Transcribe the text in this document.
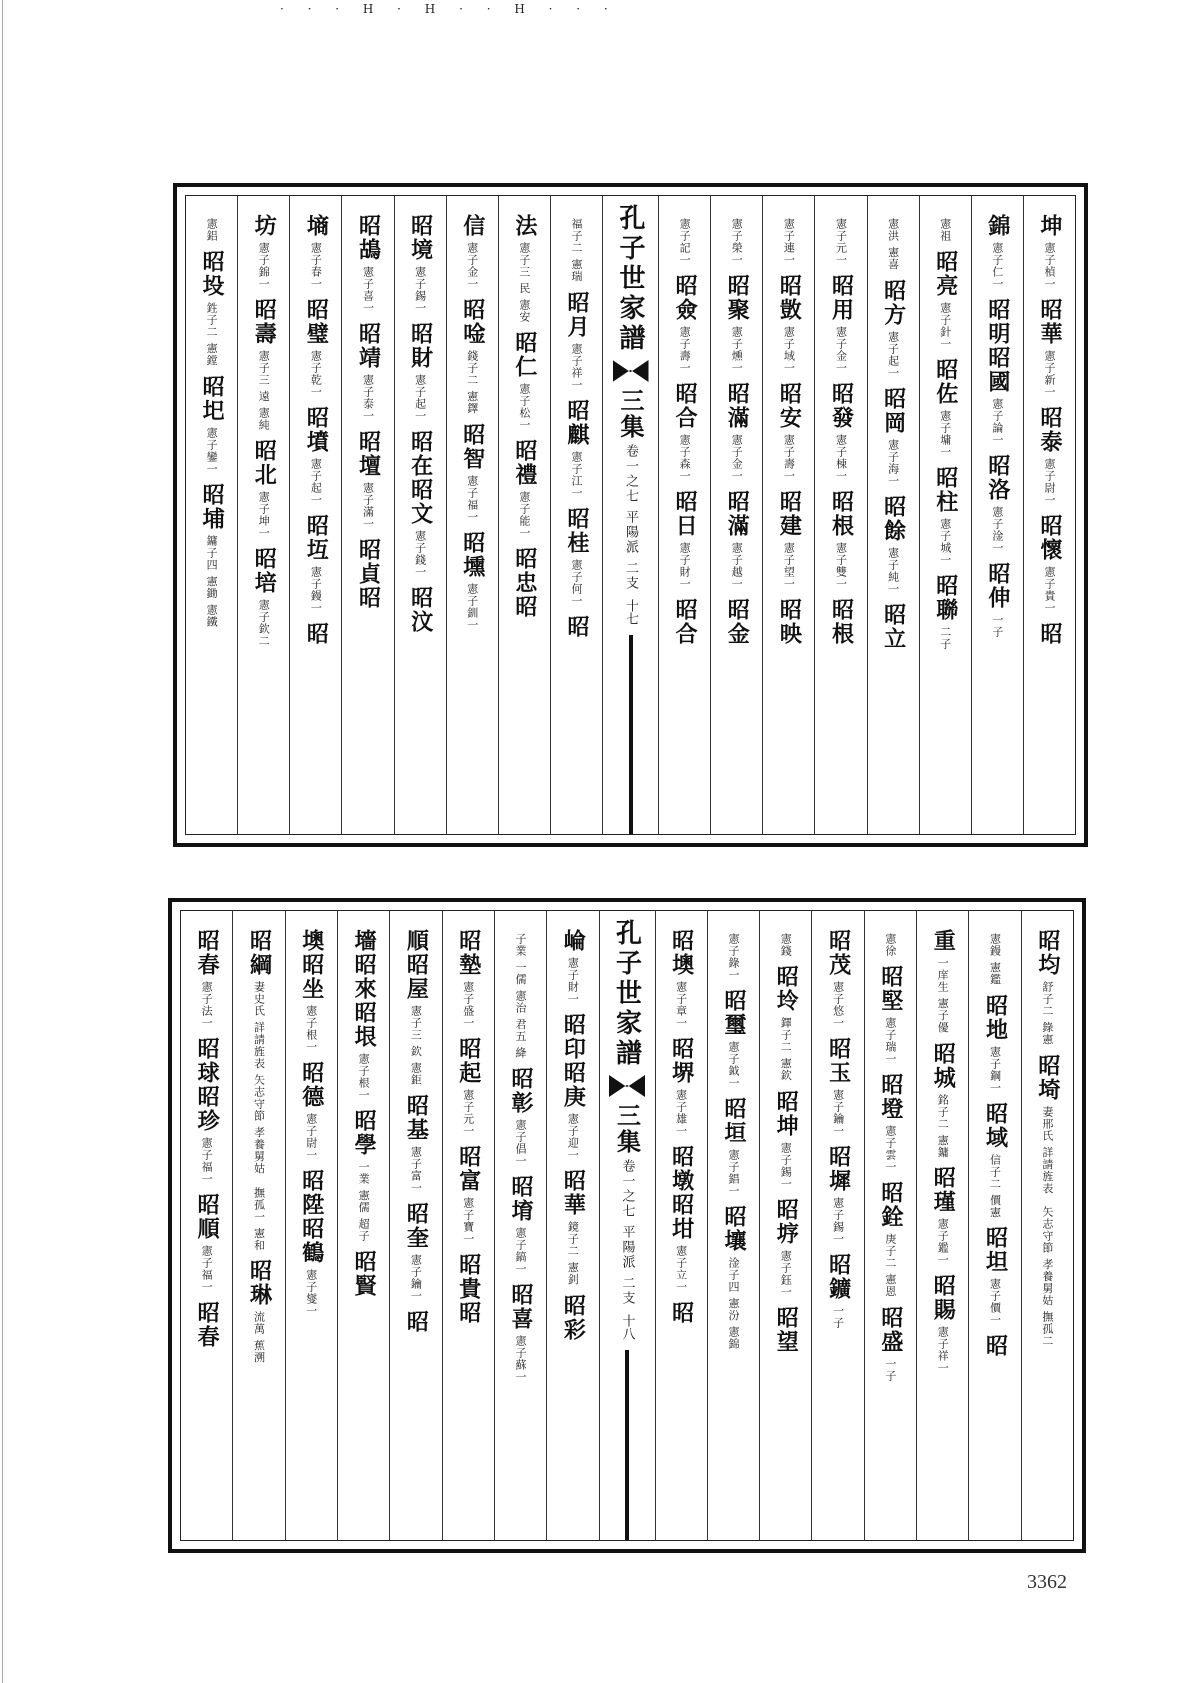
· · · H · H · · H · · ·
坤
憲子楨一
昭華
憲子新一
昭泰
憲子尉一
昭懷
憲子貴一
昭
錦
憲子仁一
昭明
昭國
憲子論一
昭洛
憲子淦一
昭伸
一子
憲祖
昭亮
憲子針一
昭佐
憲子墉一
昭柱
憲子城一
昭聯
二子
憲洪 憲喜
昭方
憲子起一
昭岡
憲子海一
昭餘
憲子純一
昭立
憲子元一
昭用
憲子金一
昭發
憲子棟一
昭根
憲子雙一
昭根
憲子連一
昭敳
憲子域一
昭安
憲子壽一
昭建
憲子望一
昭映
憲子榮一
昭聚
憲子燻一
昭滿
憲子金一
昭滿
憲子越一
昭金
憲子記一
昭僉
憲子壽一
昭合
憲子森一
昭日
憲子財一
昭合
孔子世家譜
三集
卷一之七 平陽派 二支
十七
福子二 憲瑞
昭月
憲子祥一
昭麒
憲子江一
昭桂
憲子何一
昭
法
憲子三 民 憲安
昭仁
憲子松一
昭禮
憲子能一
昭忠
昭
信
憲子金一
昭唫
錢子二 憲鐸
昭智
憲子福一
昭壎
憲子釧一
昭境
憲子錫一
昭財
憲子起一
昭在
昭文
憲子錢一
昭汶
昭鴣
憲子喜一
昭靖
憲子泰一
昭壇
憲子滿一
昭貞
昭
墒
憲子春一
昭璧
憲子乾一
昭墳
憲子起一
昭坘
憲子鏝一
昭
坊
憲子錦一
昭壽
憲子三 遠 憲純
昭北
憲子坤一
昭培
憲子欽二
憲鋁
昭坄
鉎子二 憲鏜
昭圯
憲子鑾一
昭埔
鏞子四 憲鋤 憲鐵
昭均
舒子二 錄憲
昭埼
妻邢氏 詳請旌表
矢志守節 孝養舅姑 撫孤二
憲鏝 憲鑑
昭地
憲子鋼一
昭域
信子二 價憲
昭坦
憲子價一
昭
重
一庠生 憲子優
昭城
銘子二 憲鏞
昭瑾
憲子鑑一
昭賜
憲子祥一
憲徐
昭堅
憲子瑞一
昭墱
憲子雲一
昭銓
庚子二 憲恩
昭盛
一子
昭茂
憲子悠一
昭玉
憲子鑰一
昭墀
憲子錫一
昭鑛
一子
憲錢
昭坽
鐸子二 憲欽
昭坤
憲子錫一
昭垿
憲子鈺一
昭望
憲子錄一
昭璽
憲子鉞一
昭垣
憲子錩一
昭壤
淦子四 憲汾 憲錦
昭墺
憲子章一
昭堺
憲子雄一
昭墩
昭坩
憲子立一
昭
孔子世家譜
三集
卷一之七 平陽派 二支
十八
崘
憲子財一
昭印
昭庚
憲子迎一
昭華
鏡子二 憲釗
昭彩
子業 一儒 憲治 君五 絳
昭彰
憲子倡一
昭堉
憲子鎬一
昭喜
憲子蘇一
昭墊
憲子盛一
昭起
憲子元一
昭富
憲子寶一
昭貴
昭
順
昭屋
憲子三 欽 憲鉅
昭基
憲子富一
昭奎
憲子鑰一
昭
墻
昭來
昭垠
憲子根一
昭學
一業 憲儒 超子
昭賢
墺
昭坐
憲子根一
昭德
憲子尉一
昭陞
昭鶴
憲子燮一
昭綱
妻史氏 詳請旌表 矢志守節 孝養舅姑
撫孤一 憲和
昭琳
流萬 蕉溯
昭春
憲子法一
昭球
昭珍
憲子福一
昭順
憲子福一
昭春
3362
